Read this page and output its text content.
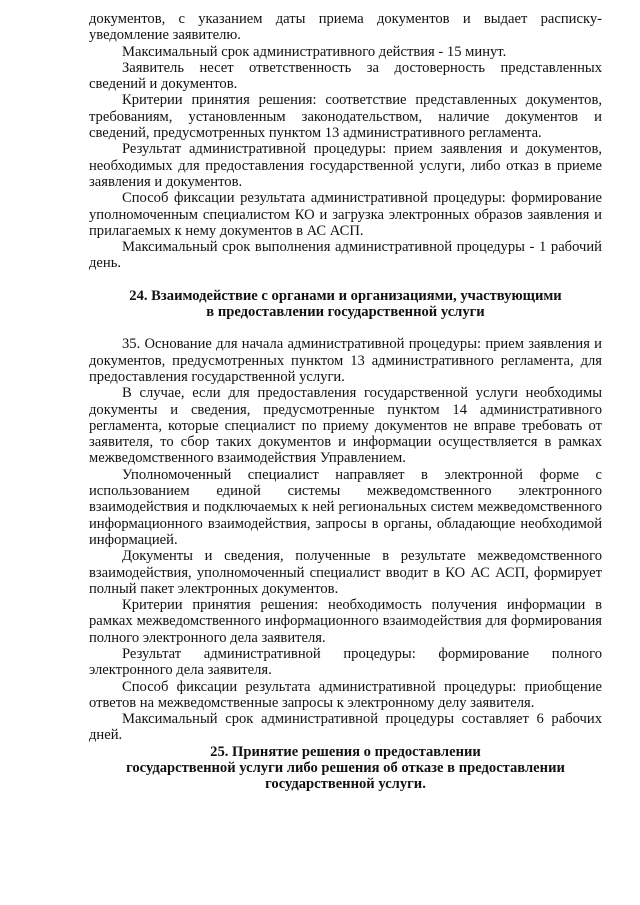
документов, с указанием даты приема документов и выдает расписку-уведомление заявителю.

Максимальный срок административного действия - 15 минут.

Заявитель несет ответственность за достоверность представленных сведений и документов.

Критерии принятия решения: соответствие представленных документов, требованиям, установленным законодательством, наличие документов и сведений, предусмотренных пунктом 13 административного регламента.

Результат административной процедуры: прием заявления и документов, необходимых для предоставления государственной услуги, либо отказ в приеме заявления и документов.

Способ фиксации результата административной процедуры: формирование уполномоченным специалистом КО и загрузка электронных образов заявления и прилагаемых к нему документов в АС АСП.

Максимальный срок выполнения административной процедуры - 1 рабочий день.

24. Взаимодействие с органами и организациями, участвующими
в предоставлении государственной услуги

35. Основание для начала административной процедуры: прием заявления и документов, предусмотренных пунктом 13 административного регламента, для предоставления государственной услуги.

В случае, если для предоставления государственной услуги необходимы документы и сведения, предусмотренные пунктом 14 административного регламента, которые специалист по приему документов не вправе требовать от заявителя, то сбор таких документов и информации осуществляется в рамках межведомственного взаимодействия Управлением.

Уполномоченный специалист направляет в электронной форме с использованием единой системы межведомственного электронного взаимодействия и подключаемых к ней региональных систем межведомственного информационного взаимодействия, запросы в органы, обладающие необходимой информацией.

Документы и сведения, полученные в результате межведомственного взаимодействия, уполномоченный специалист вводит в КО АС АСП, формирует полный пакет электронных документов.

Критерии принятия решения: необходимость получения информации в рамках межведомственного информационного взаимодействия для формирования полного электронного дела заявителя.

Результат административной процедуры: формирование полного электронного дела заявителя.

Способ фиксации результата административной процедуры: приобщение ответов на межведомственные запросы к электронному делу заявителя.

Максимальный срок административной процедуры составляет 6 рабочих дней.

25. Принятие решения о предоставлении
государственной услуги либо решения об отказе в предоставлении
государственной услуги.
